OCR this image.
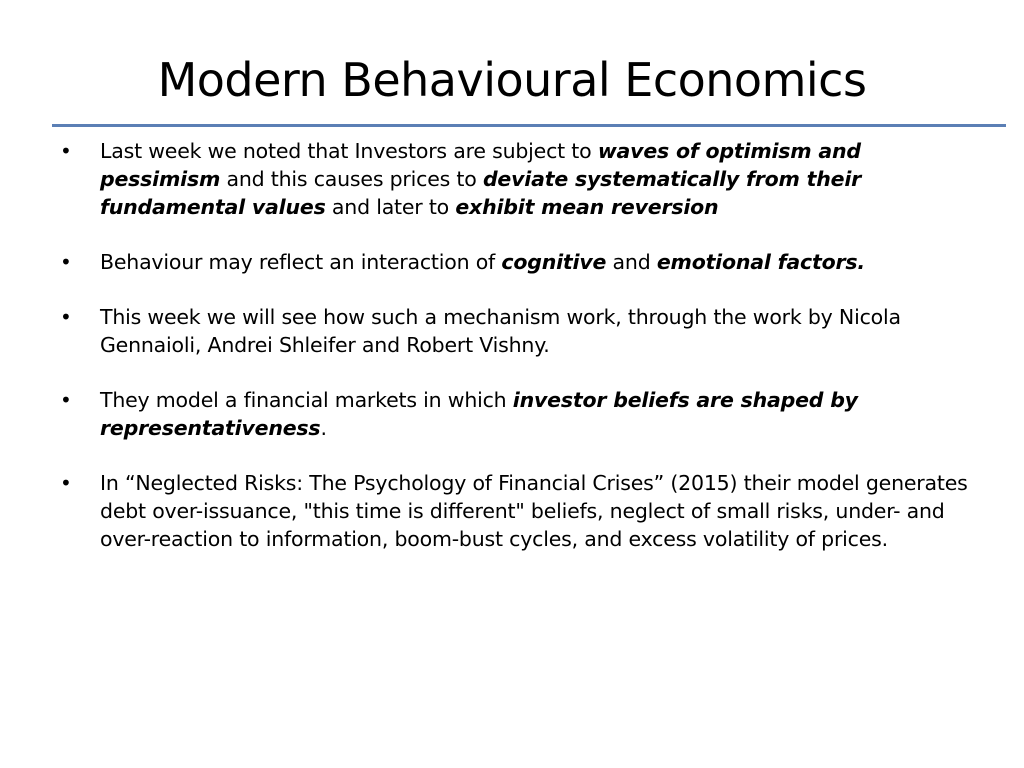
Modern Behavioural Economics
• Last week we noted that Investors are subject to waves of optimism and pessimism and this causes prices to deviate systematically from their fundamental values and later to exhibit mean reversion
• Behaviour may reflect an interaction of cognitive and emotional factors.
• This week we will see how such a mechanism work, through the work by Nicola Gennaioli, Andrei Shleifer and Robert Vishny.
• They model a financial markets in which investor beliefs are shaped by representativeness.
• In “Neglected Risks: The Psychology of Financial Crises” (2015) their model generates debt over-issuance, "this time is different" beliefs, neglect of small risks, under- and over-reaction to information, boom-bust cycles, and excess volatility of prices.
